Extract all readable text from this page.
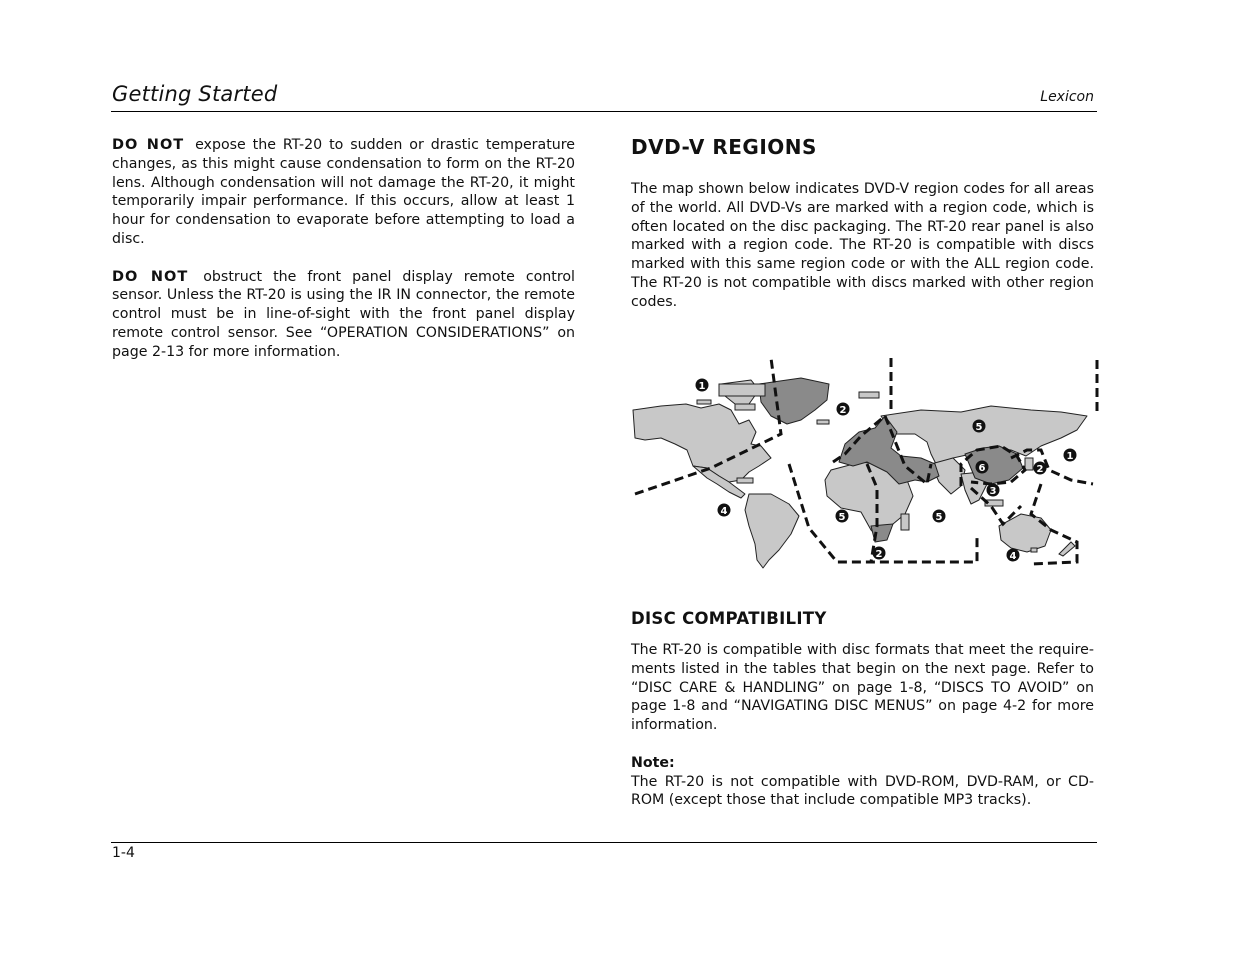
Getting Started	Lexicon

DO NOT expose the RT-20 to sudden or drastic temperature changes, as this might cause condensation to form on the RT-20 lens. Although condensation will not damage the RT-20, it might temporarily impair performance. If this occurs, allow at least 1 hour for condensation to evaporate before attempting to load a disc.

DO NOT obstruct the front panel display remote control sensor. Unless the RT-20 is using the IR IN connector, the remote control must be in line-of-sight with the front panel display remote control sensor. See “OPERATION CONSIDERATIONS” on page 2-13 for more information.

DVD-V REGIONS

The map shown below indicates DVD-V region codes for all areas of the world. All DVD-Vs are marked with a region code, which is often located on the disc packaging. The RT-20 rear panel is also marked with a region code. The RT-20 is compatible with discs marked with this same region code or with the ALL region code. The RT-20 is not compatible with discs marked with other region codes.

1
2
5
5
6
3
2
1
4
5
5
2	4
DISC COMPATIBILITY

The RT-20 is compatible with disc formats that meet the require-ments listed in the tables that begin on the next page. Refer to “DISC CARE & HANDLING” on page 1-8, “DISCS TO AVOID” on page 1-8 and “NAVIGATING DISC MENUS” on page 4-2 for more information.

Note:
The RT-20 is not compatible with DVD-ROM, DVD-RAM, or CD-ROM (except those that include compatible MP3 tracks).

1-4
